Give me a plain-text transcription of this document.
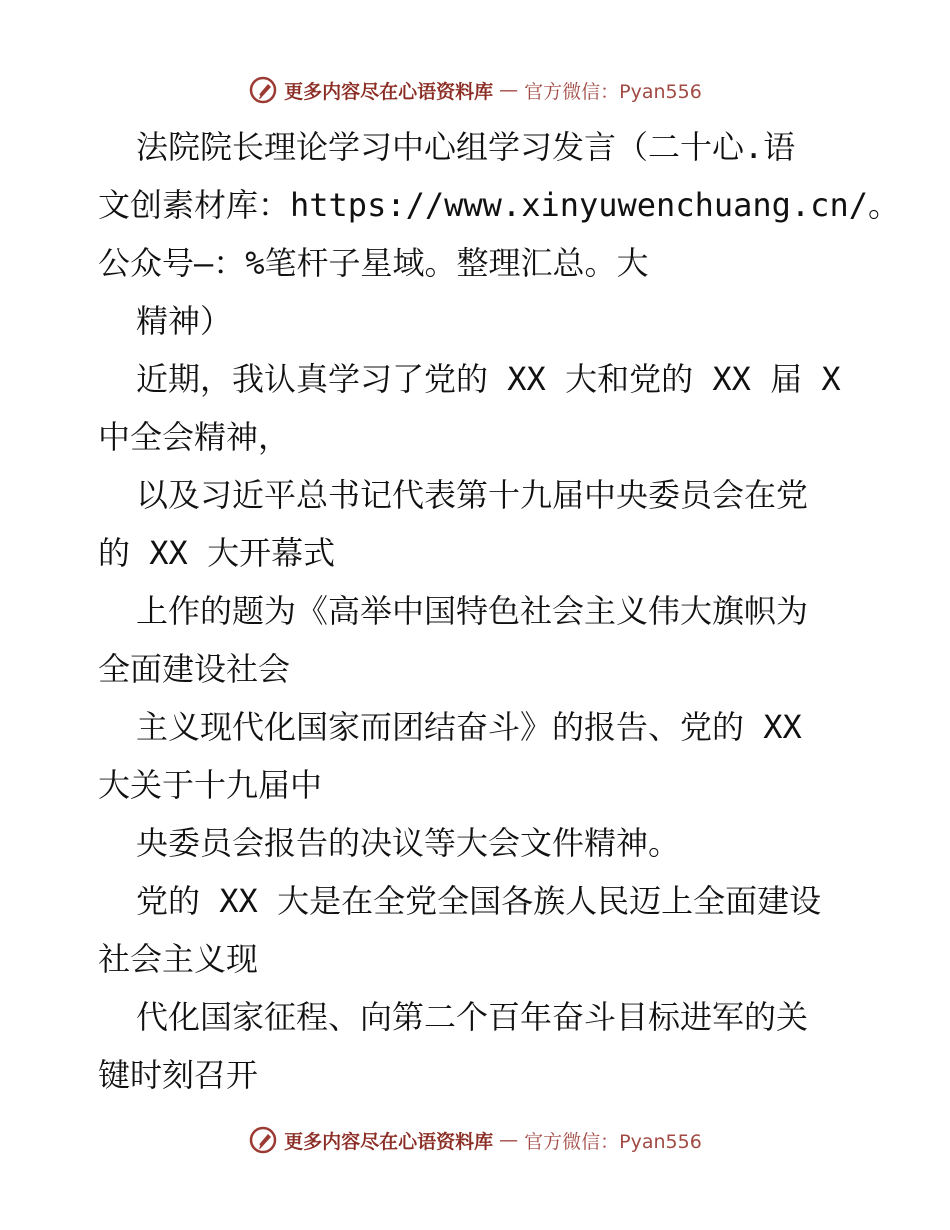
更多内容尽在心语资料库 — 官方微信：Pyan556
法院院长理论学习中心组学习发言（二十心.语
文创素材库：https://www.xinyuwenchuang.cn/。
公众号—：%笔杆子星域。整理汇总。大
精神）
近期，我认真学习了党的 XX 大和党的 XX 届 X
中全会精神，
以及习近平总书记代表第十九届中央委员会在党
的 XX 大开幕式
上作的题为《高举中国特色社会主义伟大旗帜为
全面建设社会
主义现代化国家而团结奋斗》的报告、党的 XX
大关于十九届中
央委员会报告的决议等大会文件精神。
党的 XX 大是在全党全国各族人民迈上全面建设
社会主义现
代化国家征程、向第二个百年奋斗目标进军的关
键时刻召开
更多内容尽在心语资料库 — 官方微信：Pyan556
